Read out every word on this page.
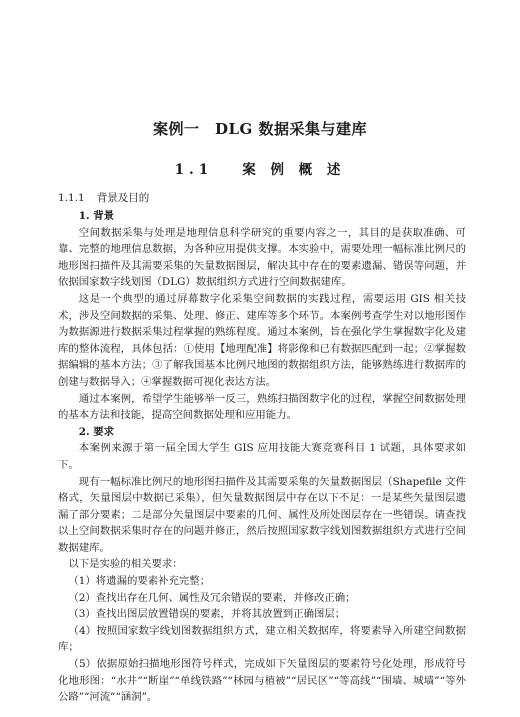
案例一　DLG 数据采集与建库
1.1 案 例 概 述
1.1.1 背景及目的

1. 背景

空间数据采集与处理是地理信息科学研究的重要内容之一，其目的是获取准确、可靠、完整的地理信息数据，为各种应用提供支撑。本实验中，需要处理一幅标准比例尺的地形图扫描件及其需要采集的矢量数据图层，解决其中存在的要素遗漏、错误等问题，并依据国家数字线划图（DLG）数据组织方式进行空间数据建库。

这是一个典型的通过屏幕数字化采集空间数据的实践过程，需要运用 GIS 相关技术，涉及空间数据的采集、处理、修正、建库等多个环节。本案例考查学生对以地形图作为数据源进行数据采集过程掌握的熟练程度。通过本案例，旨在强化学生掌握数字化及建库的整体流程，具体包括：①使用【地理配准】将影像和已有数据匹配到一起；②掌握数据编辑的基本方法；③了解我国基本比例尺地图的数据组织方法，能够熟练进行数据库的创建与数据导入；④掌握数据可视化表达方法。

通过本案例，希望学生能够举一反三，熟练扫描图数字化的过程，掌握空间数据处理的基本方法和技能，提高空间数据处理和应用能力。

2. 要求

本案例来源于第一届全国大学生 GIS 应用技能大赛竞赛科目 1 试题，具体要求如下。

现有一幅标准比例尺的地形图扫描件及其需要采集的矢量数据图层（Shapefile 文件格式，矢量图层中数据已采集），但矢量数据图层中存在以下不足：一是某些矢量图层遗漏了部分要素；二是部分矢量图层中要素的几何、属性及所处图层存在一些错误。请查找以上空间数据采集时存在的问题并修正，然后按照国家数字线划图数据组织方式进行空间数据建库。

以下是实验的相关要求：

（1）将遗漏的要素补充完整；

（2）查找出存在几何、属性及冗余错误的要素，并修改正确；

（3）查找出图层放置错误的要素，并将其放置到正确图层；

（4）按照国家数字线划图数据组织方式，建立相关数据库，将要素导入所建空间数据库；

（5）依据原始扫描地形图符号样式，完成如下矢量图层的要素符号化处理，形成符号化地形图：“水井”“断崖”“单线铁路”“林园与植被”“居民区”“等高线”“围墙、城墙”“等外公路”“河流”“涵洞”。
